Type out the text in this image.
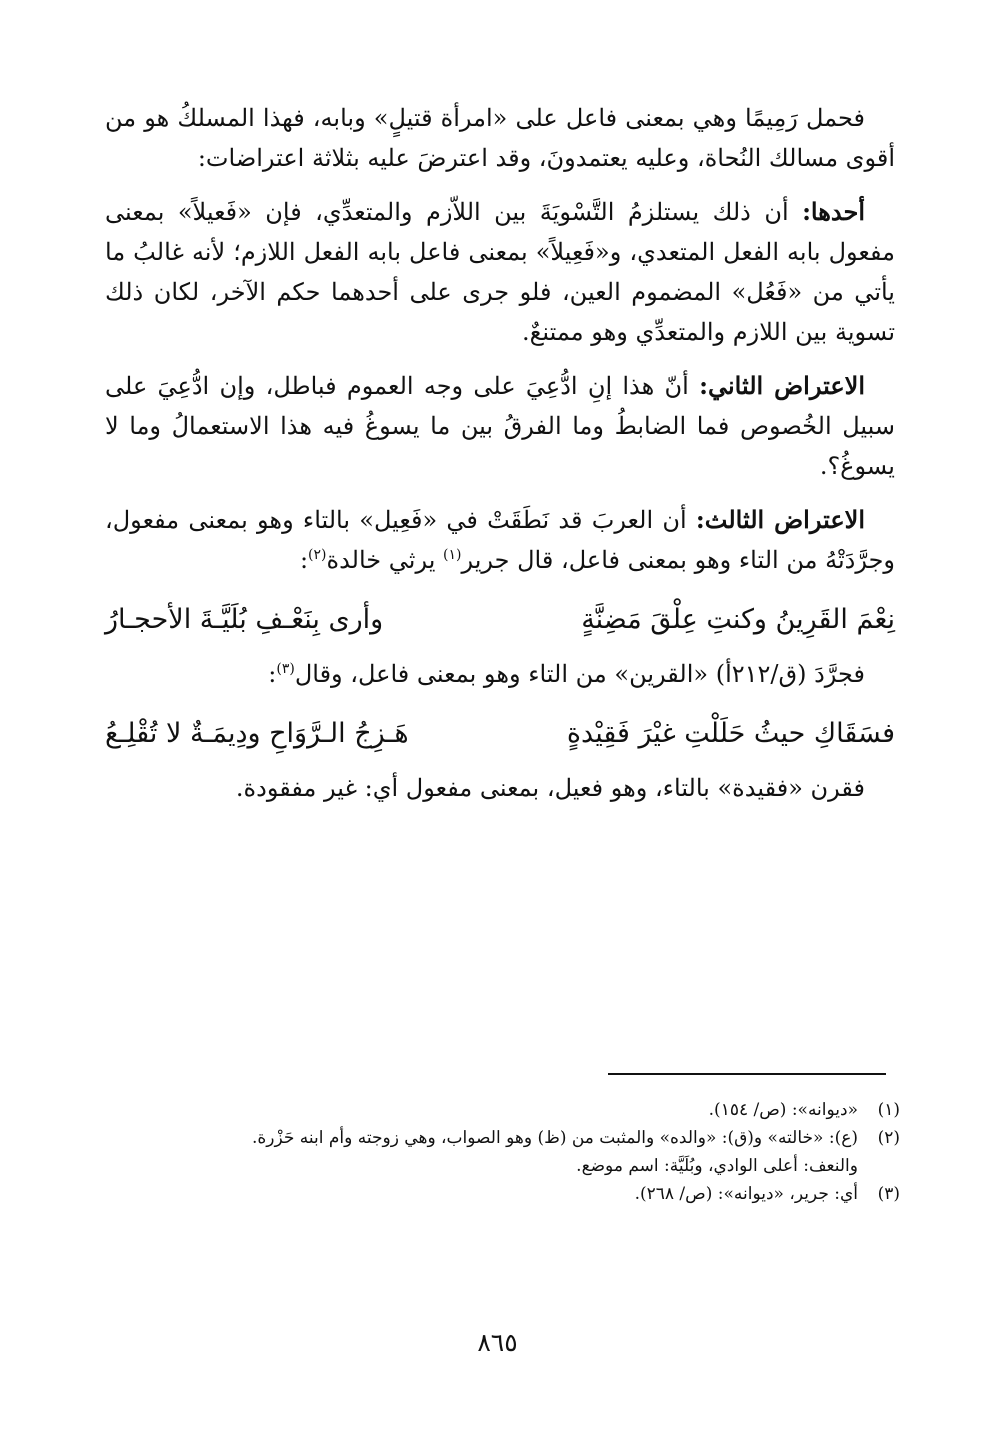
فحمل رَمِيمًا وهي بمعنى فاعل على «امرأة قتيلٍ» وبابه، فهذا المسلكُ هو من أقوى مسالك النُحاة، وعليه يعتمدونَ، وقد اعترضَ عليه بثلاثة اعتراضات:

أحدها: أن ذلك يستلزمُ التَّسْويَةَ بين اللاّزم والمتعدِّي، فإن «فَعيلاً» بمعنى مفعول بابه الفعل المتعدي، و«فَعِيلاً» بمعنى فاعل بابه الفعل اللازم؛ لأنه غالبُ ما يأتي من «فَعُل» المضموم العين، فلو جرى على أحدهما حكم الآخر، لكان ذلك تسوية بين اللازم والمتعدِّي وهو ممتنعٌ.

الاعتراض الثاني: أنّ هذا إنِ ادُّعِيَ على وجه العموم فباطل، وإن ادُّعِيَ على سبيل الخُصوص فما الضابطُ وما الفرقُ بين ما يسوغُ فيه هذا الاستعمالُ وما لا يسوغُ؟.

الاعتراض الثالث: أن العربَ قد نَطَقَتْ في «فَعِيل» بالتاء وهو بمعنى مفعول، وجرَّدَتْهُ من التاء وهو بمعنى فاعل، قال جرير$^{(١)}$ يرثي خالدة$^{(٢)}$:

نِعْمَ القَرِينُ وكنتِ عِلْقَ مَضِنَّةٍ
وأرى بِنَعْـفِ بُلَيَّـةَ الأحجـارُ

فجرَّدَ (ق/٢١٢أ) «القرين» من التاء وهو بمعنى فاعل، وقال$^{(٣)}$:

فسَقَاكِ حيثُ حَلَلْتِ غيْرَ فَقِيْدةٍ
هَـزِجُ الـرَّوَاحِ ودِيمَـةٌ لا تُقْلِـعُ

فقرن «فقيدة» بالتاء، وهو فعيل، بمعنى مفعول أي: غير مفقودة.

(١)
«ديوانه»: (ص/ ١٥٤).
(٢)
(ع): «خالته» و(ق): «والده» والمثبت من (ظ) وهو الصواب، وهي زوجته وأم ابنه حَزْرة.
والنعف: أعلى الوادي، وبُلَيَّة: اسم موضع.
(٣)
أي: جرير، «ديوانه»: (ص/ ٢٦٨).
٨٦٥
